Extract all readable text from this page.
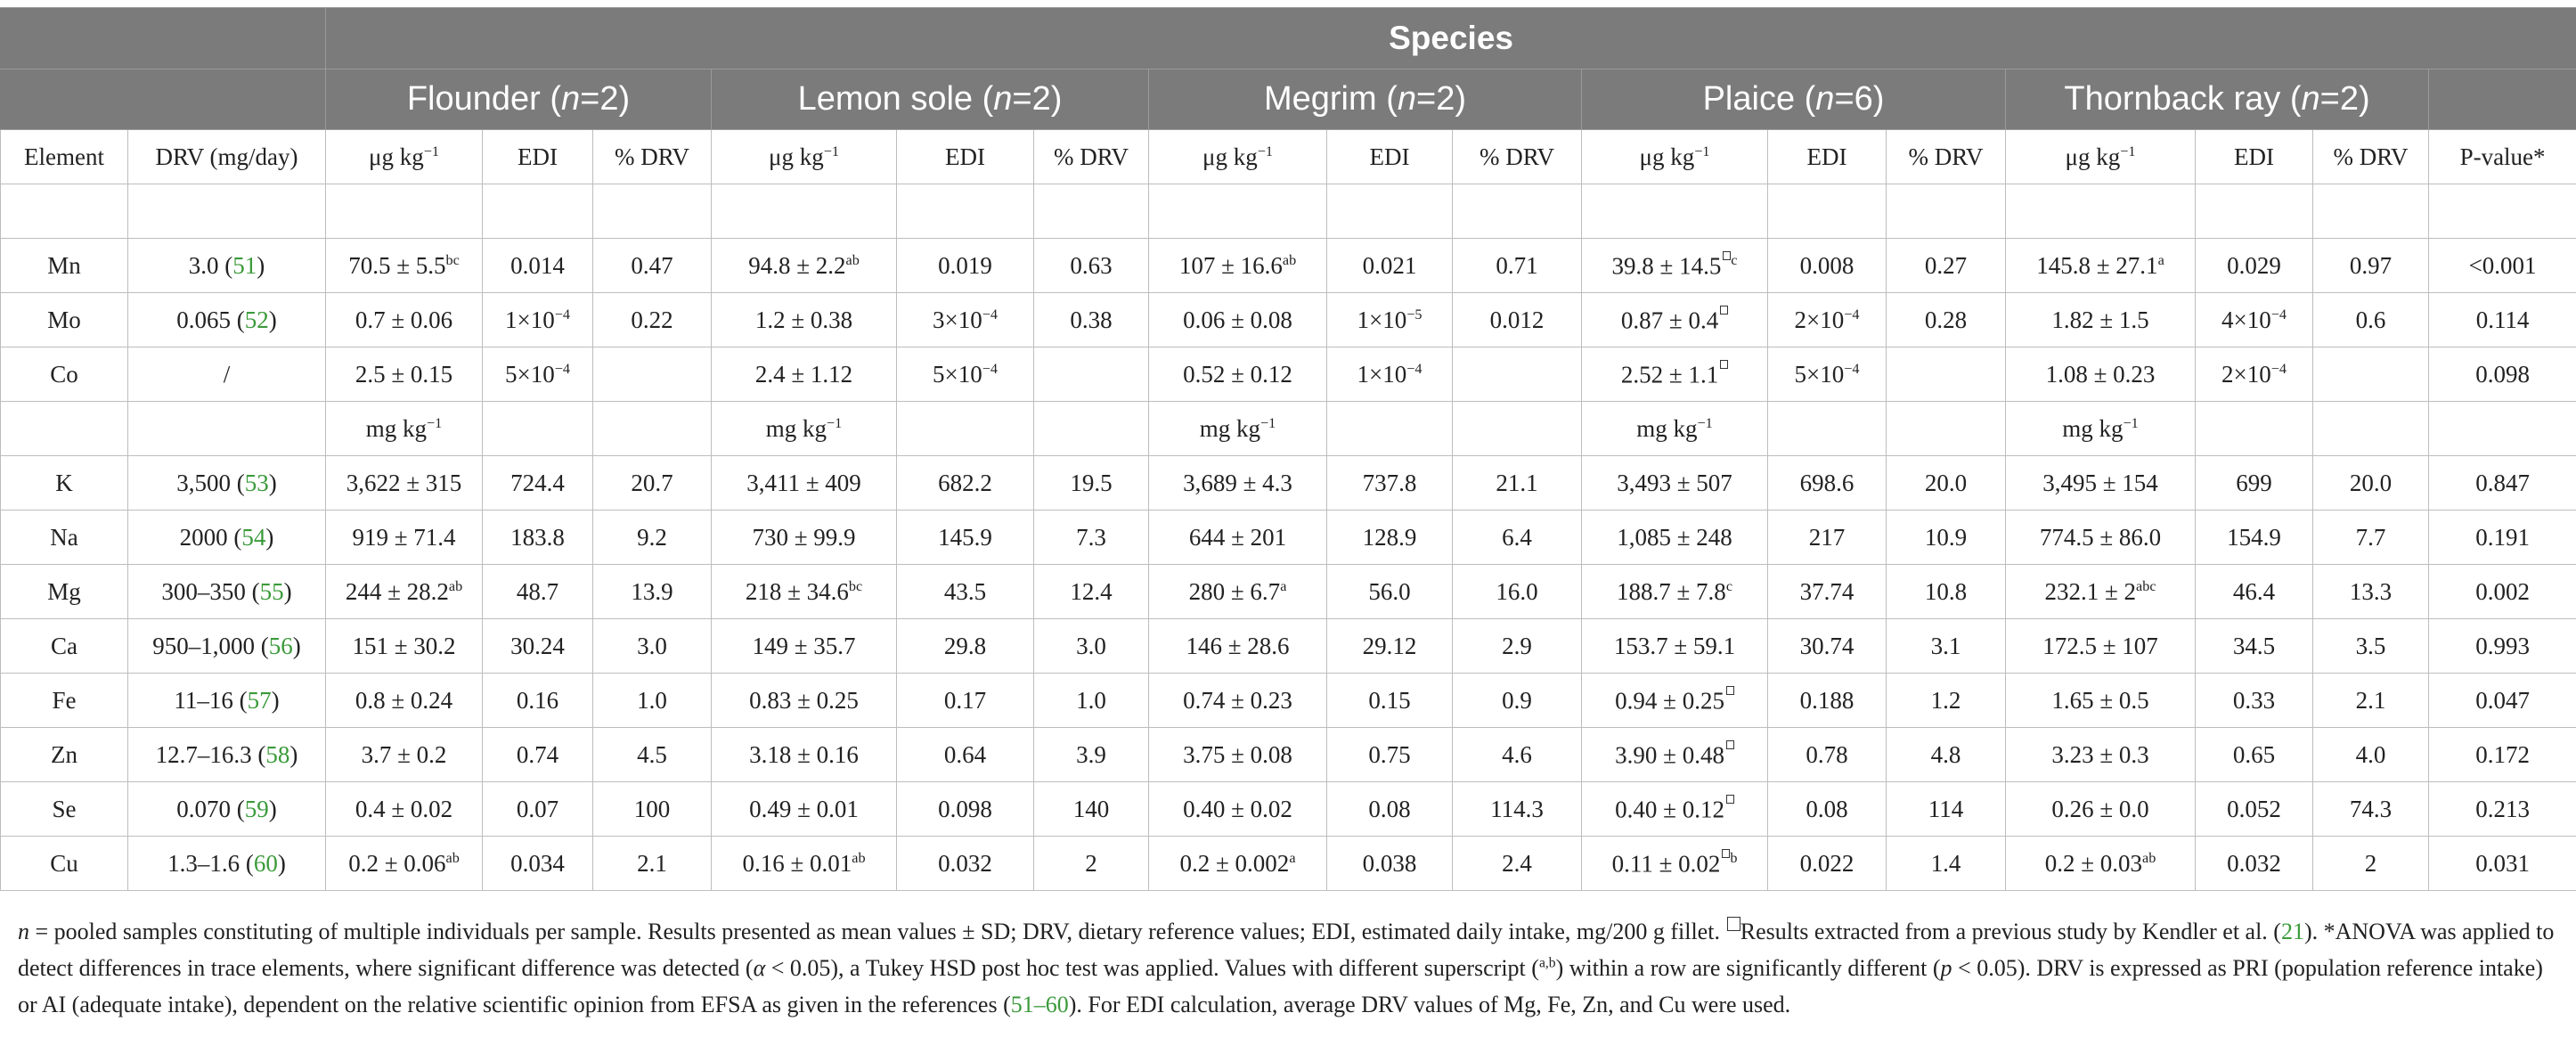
		Species															
		Flounder (n=2)			Lemon sole (n=2)			Megrim (n=2)			Plaice (n=6)			Thornback ray (n=2)			
Element	DRV (mg/day)	μg $kg^{-1}$	EDI	% DRV	μg $kg^{-1}$	EDI	% DRV	μg $kg^{-1}$	EDI	% DRV	μg $kg^{-1}$	EDI	% DRV	μg $kg^{-1}$	EDI	% DRV	P-value*

Mn	3.0 (51)	70.5 ± 5.5$^{bc}$	0.014	0.47	94.8 ± 2.2$^{ab}$	0.019	0.63	107 ± 16.6$^{ab}$	0.021	0.71	39.8 ± 14.5 $^c$	0.008	0.27	145.8 ± 27.1$^a$	0.029	0.97	<0.001
Mo	0.065 (52)	0.7 ± 0.06	$1\times 10^{-4}$	0.22	1.2 ± 0.38	$3\times 10^{-4}$	0.38	0.06 ± 0.08	$1\times 10^{-5}$	0.012	0.87 ± 0.4	$2\times 10^{-4}$	0.28	1.82 ± 1.5	$4\times 10^{-4}$	0.6	0.114
Co	/	2.5 ± 0.15	$5\times 10^{-4}$		2.4 ± 1.12	$5\times 10^{-4}$		0.52 ± 0.12	$1\times 10^{-4}$		2.52 ± 1.1	$5\times 10^{-4}$		1.08 ± 0.23	$2\times 10^{-4}$		0.098
		mg $kg^{-1}$			mg $kg^{-1}$			mg $kg^{-1}$			mg $kg^{-1}$			mg $kg^{-1}$			
K	3,500 (53)	3,622 ± 315	724.4	20.7	3,411 ± 409	682.2	19.5	3,689 ± 4.3	737.8	21.1	3,493 ± 507	698.6	20.0	3,495 ± 154	699	20.0	0.847
Na	2000 (54)	919 ± 71.4	183.8	9.2	730 ± 99.9	145.9	7.3	644 ± 201	128.9	6.4	1,085 ± 248	217	10.9	774.5 ± 86.0	154.9	7.7	0.191
Mg	300–350 (55)	244 ± 28.2$^{ab}$	48.7	13.9	218 ± 34.6$^{bc}$	43.5	12.4	280 ± 6.7$^a$	56.0	16.0	188.7 ± 7.8$^c$	37.74	10.8	$232.1 \pm 2^{abc}$	46.4	13.3	0.002
Ca	950–1,000 (56)	151 ± 30.2	30.24	3.0	149 ± 35.7	29.8	3.0	146 ± 28.6	29.12	2.9	153.7 ± 59.1	30.74	3.1	172.5 ± 107	34.5	3.5	0.993
Fe	11–16 (57)	0.8 ± 0.24	0.16	1.0	0.83 ± 0.25	0.17	1.0	0.74 ± 0.23	0.15	0.9	0.94 ± 0.25	0.188	1.2	1.65 ± 0.5	0.33	2.1	0.047
Zn	12.7–16.3 (58)	3.7 ± 0.2	0.74	4.5	3.18 ± 0.16	0.64	3.9	3.75 ± 0.08	0.75	4.6	3.90 ± 0.48	0.78	4.8	3.23 ± 0.3	0.65	4.0	0.172
Se	0.070 (59)	0.4 ± 0.02	0.07	100	0.49 ± 0.01	0.098	140	0.40 ± 0.02	0.08	114.3	0.40 ± 0.12	0.08	114	0.26 ± 0.0	0.052	74.3	0.213
Cu	1.3–1.6 (60)	0.2 ± 0.06$^{ab}$	0.034	2.1	0.16 ± 0.01$^{ab}$	0.032	2	0.2 ± 0.002$^a$	0.038	2.4	0.11 ± 0.02 $^b$	0.022	1.4	0.2 ± 0.03$^{ab}$	0.032	2	0.031

n = pooled samples constituting of multiple individuals per sample. Results presented as mean values ± SD; DRV, dietary reference values; EDI, estimated daily intake, mg/200 g fillet. Results extracted from a previous study by Kendler et al. (21). *ANOVA was applied to detect differences in trace elements, where significant difference was detected (α < 0.05), a Tukey HSD post hoc test was applied. Values with different superscript ($^{a,b}$) within a row are significantly different (p < 0.05). DRV is expressed as PRI (population reference intake) or AI (adequate intake), dependent on the relative scientific opinion from EFSA as given in the references (51–60). For EDI calculation, average DRV values of Mg, Fe, Zn, and Cu were used.
